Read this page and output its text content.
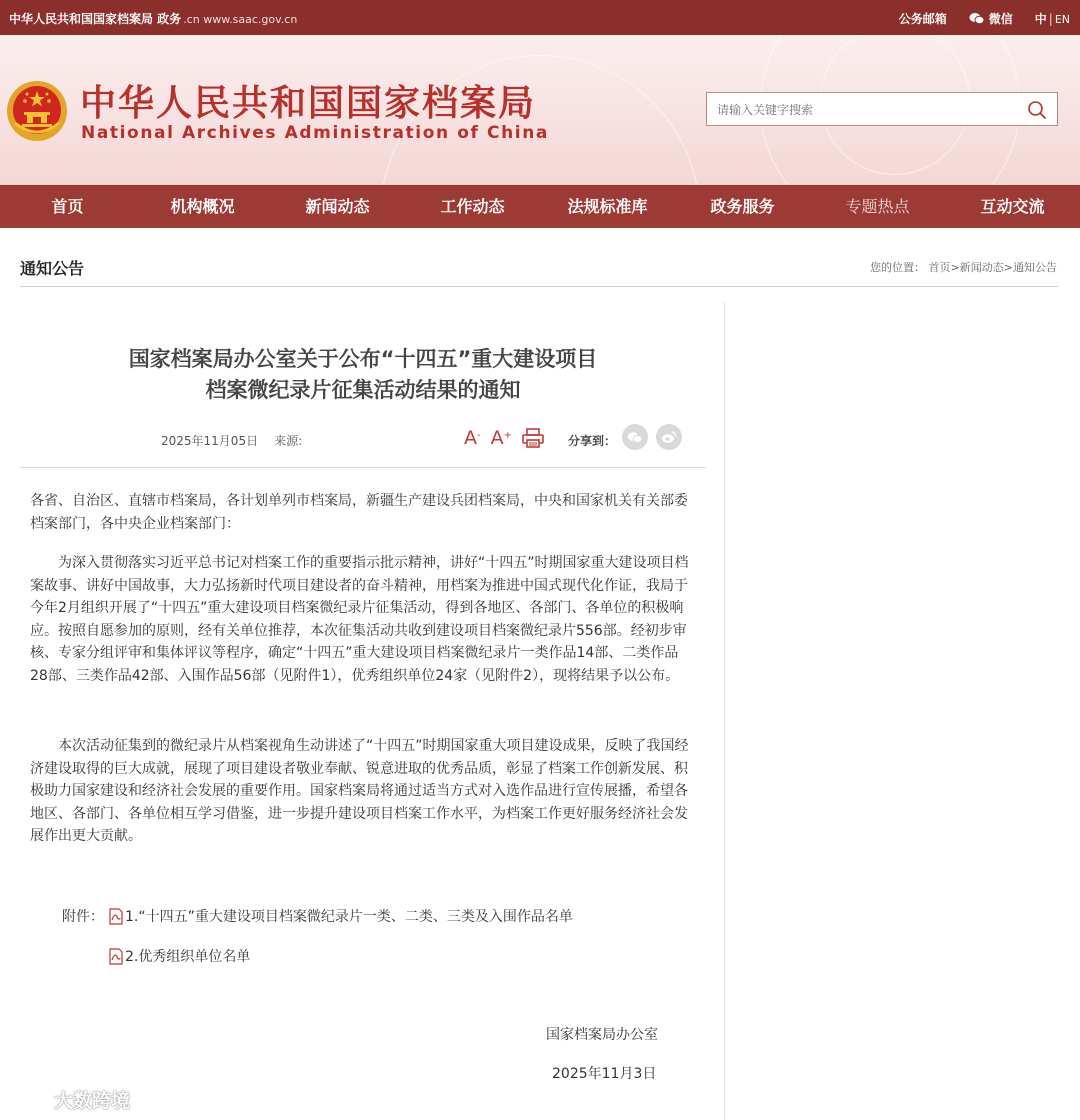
中华人民共和国国家档案局 政务 .cn www.saac.gov.cn	公务邮箱	微信 中 | EN
中华人民共和国国家档案局
National Archives Administration of China
请输入关键字搜索
首页	机构概况	新闻动态	工作动态	法规标准库	政务服务	专题热点	互动交流
通知公告	您的位置： 首页>新闻动态>通知公告
国家档案局办公室关于公布“十四五”重大建设项目
档案微纪录片征集活动结果的通知
2025年11月05日 来源:	A- A+	分享到：
各省、自治区、直辖市档案局，各计划单列市档案局，新疆生产建设兵团档案局，中央和国家机关有关部委档案部门，各中央企业档案部门：
为深入贯彻落实习近平总书记对档案工作的重要指示批示精神，讲好“十四五”时期国家重大建设项目档案故事、讲好中国故事，大力弘扬新时代项目建设者的奋斗精神，用档案为推进中国式现代化作证，我局于今年2月组织开展了“十四五”重大建设项目档案微纪录片征集活动，得到各地区、各部门、各单位的积极响应。按照自愿参加的原则，经有关单位推荐，本次征集活动共收到建设项目档案微纪录片556部。经初步审核、专家分组评审和集体评议等程序，确定“十四五”重大建设项目档案微纪录片一类作品14部、二类作品28部、三类作品42部、入围作品56部（见附件1），优秀组织单位24家（见附件2），现将结果予以公布。
本次活动征集到的微纪录片从档案视角生动讲述了“十四五”时期国家重大项目建设成果，反映了我国经济建设取得的巨大成就，展现了项目建设者敬业奉献、锐意进取的优秀品质，彰显了档案工作创新发展、积极助力国家建设和经济社会发展的重要作用。国家档案局将通过适当方式对入选作品进行宣传展播，希望各地区、各部门、各单位相互学习借鉴，进一步提升建设项目档案工作水平，为档案工作更好服务经济社会发展作出更大贡献。
附件： 1.“十四五”重大建设项目档案微纪录片一类、二类、三类及入围作品名单
2.优秀组织单位名单
国家档案局办公室
2025年11月3日
大数跨境
